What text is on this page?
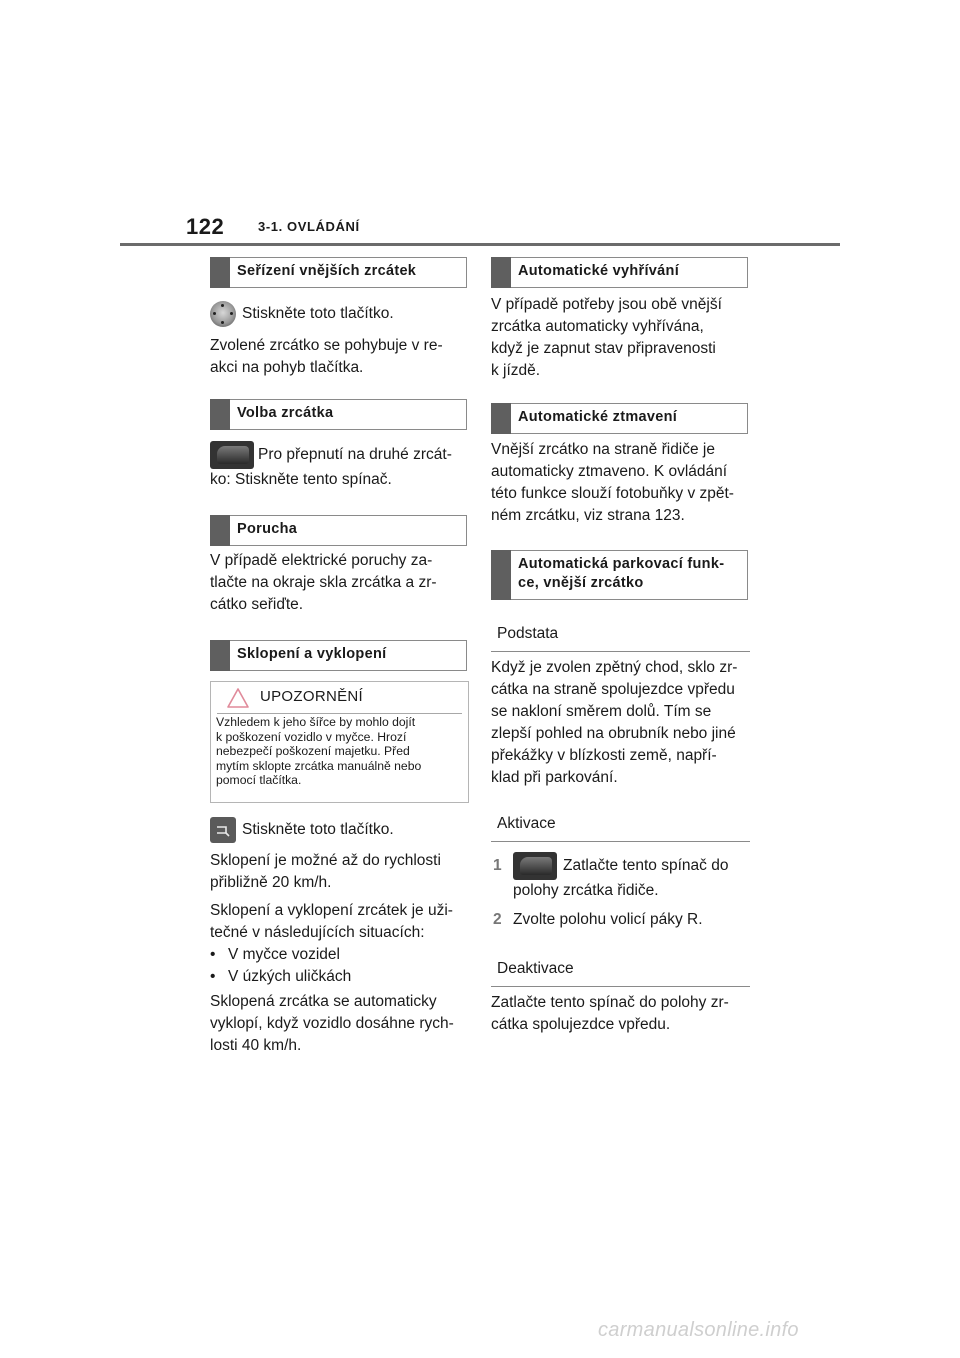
122	3-1. OVLÁDÁNÍ
Seřízení vnějších zrcátek
Stiskněte toto tlačítko.
Zvolené zrcátko se pohybuje v re-
akci na pohyb tlačítka.
Volba zrcátka
Pro přepnutí na druhé zrcát-
ko: Stiskněte tento spínač.
Porucha
V případě elektrické poruchy za-
tlačte na okraje skla zrcátka a zr-
cátko seřiďte.
Sklopení a vyklopení
UPOZORNĚNÍ
Vzhledem k jeho šířce by mohlo dojít
k poškození vozidlo v myčce. Hrozí
nebezpečí poškození majetku. Před
mytím sklopte zrcátka manuálně nebo
pomocí tlačítka.
Stiskněte toto tlačítko.
Sklopení je možné až do rychlosti
přibližně 20 km/h.
Sklopení a vyklopení zrcátek je uži-
tečné v následujících situacích:
• V myčce vozidel
• V úzkých uličkách
Sklopená zrcátka se automaticky
vyklopí, když vozidlo dosáhne rych-
losti 40 km/h.
Automatické vyhřívání
V případě potřeby jsou obě vnější
zrcátka automaticky vyhřívána,
když je zapnut stav připravenosti
k jízdě.
Automatické ztmavení
Vnější zrcátko na straně řidiče je
automaticky ztmaveno. K ovládání
této funkce slouží fotobuňky v zpět-
ném zrcátku, viz strana 123.
Automatická parkovací funk-
ce, vnější zrcátko
Podstata
Když je zvolen zpětný chod, sklo zr-
cátka na straně spolujezdce vpředu
se nakloní směrem dolů. Tím se
zlepší pohled na obrubník nebo jiné
překážky v blízkosti země, napří-
klad při parkování.
Aktivace
1	Zatlačte tento spínač do
polohy zrcátka řidiče.
2 Zvolte polohu volicí páky R.
Deaktivace
Zatlačte tento spínač do polohy zr-
cátka spolujezdce vpředu.
carmanualsonline.info
